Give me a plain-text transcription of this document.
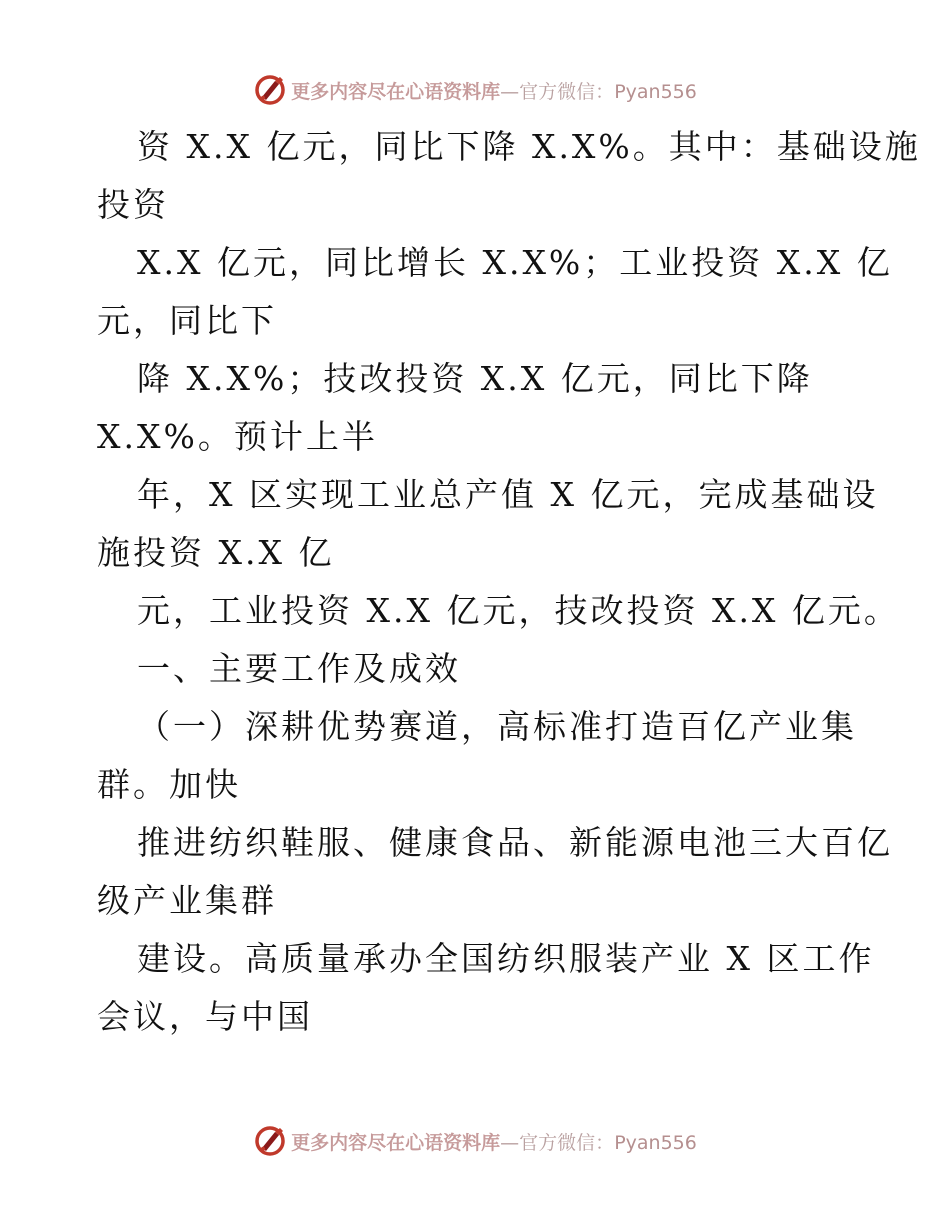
更多内容尽在心语资料库—官方微信：Pyan556
资 X.X 亿元，同比下降 X.X%。其中：基础设施
投资
X.X 亿元，同比增长 X.X%；工业投资 X.X 亿
元，同比下
降 X.X%；技改投资 X.X 亿元，同比下降
X.X%。预计上半
年，X 区实现工业总产值 X 亿元，完成基础设
施投资 X.X 亿
元，工业投资 X.X 亿元，技改投资 X.X 亿元。
一、主要工作及成效
（一）深耕优势赛道，高标准打造百亿产业集
群。加快
推进纺织鞋服、健康食品、新能源电池三大百亿
级产业集群
建设。高质量承办全国纺织服装产业 X 区工作
会议，与中国
更多内容尽在心语资料库—官方微信：Pyan556
